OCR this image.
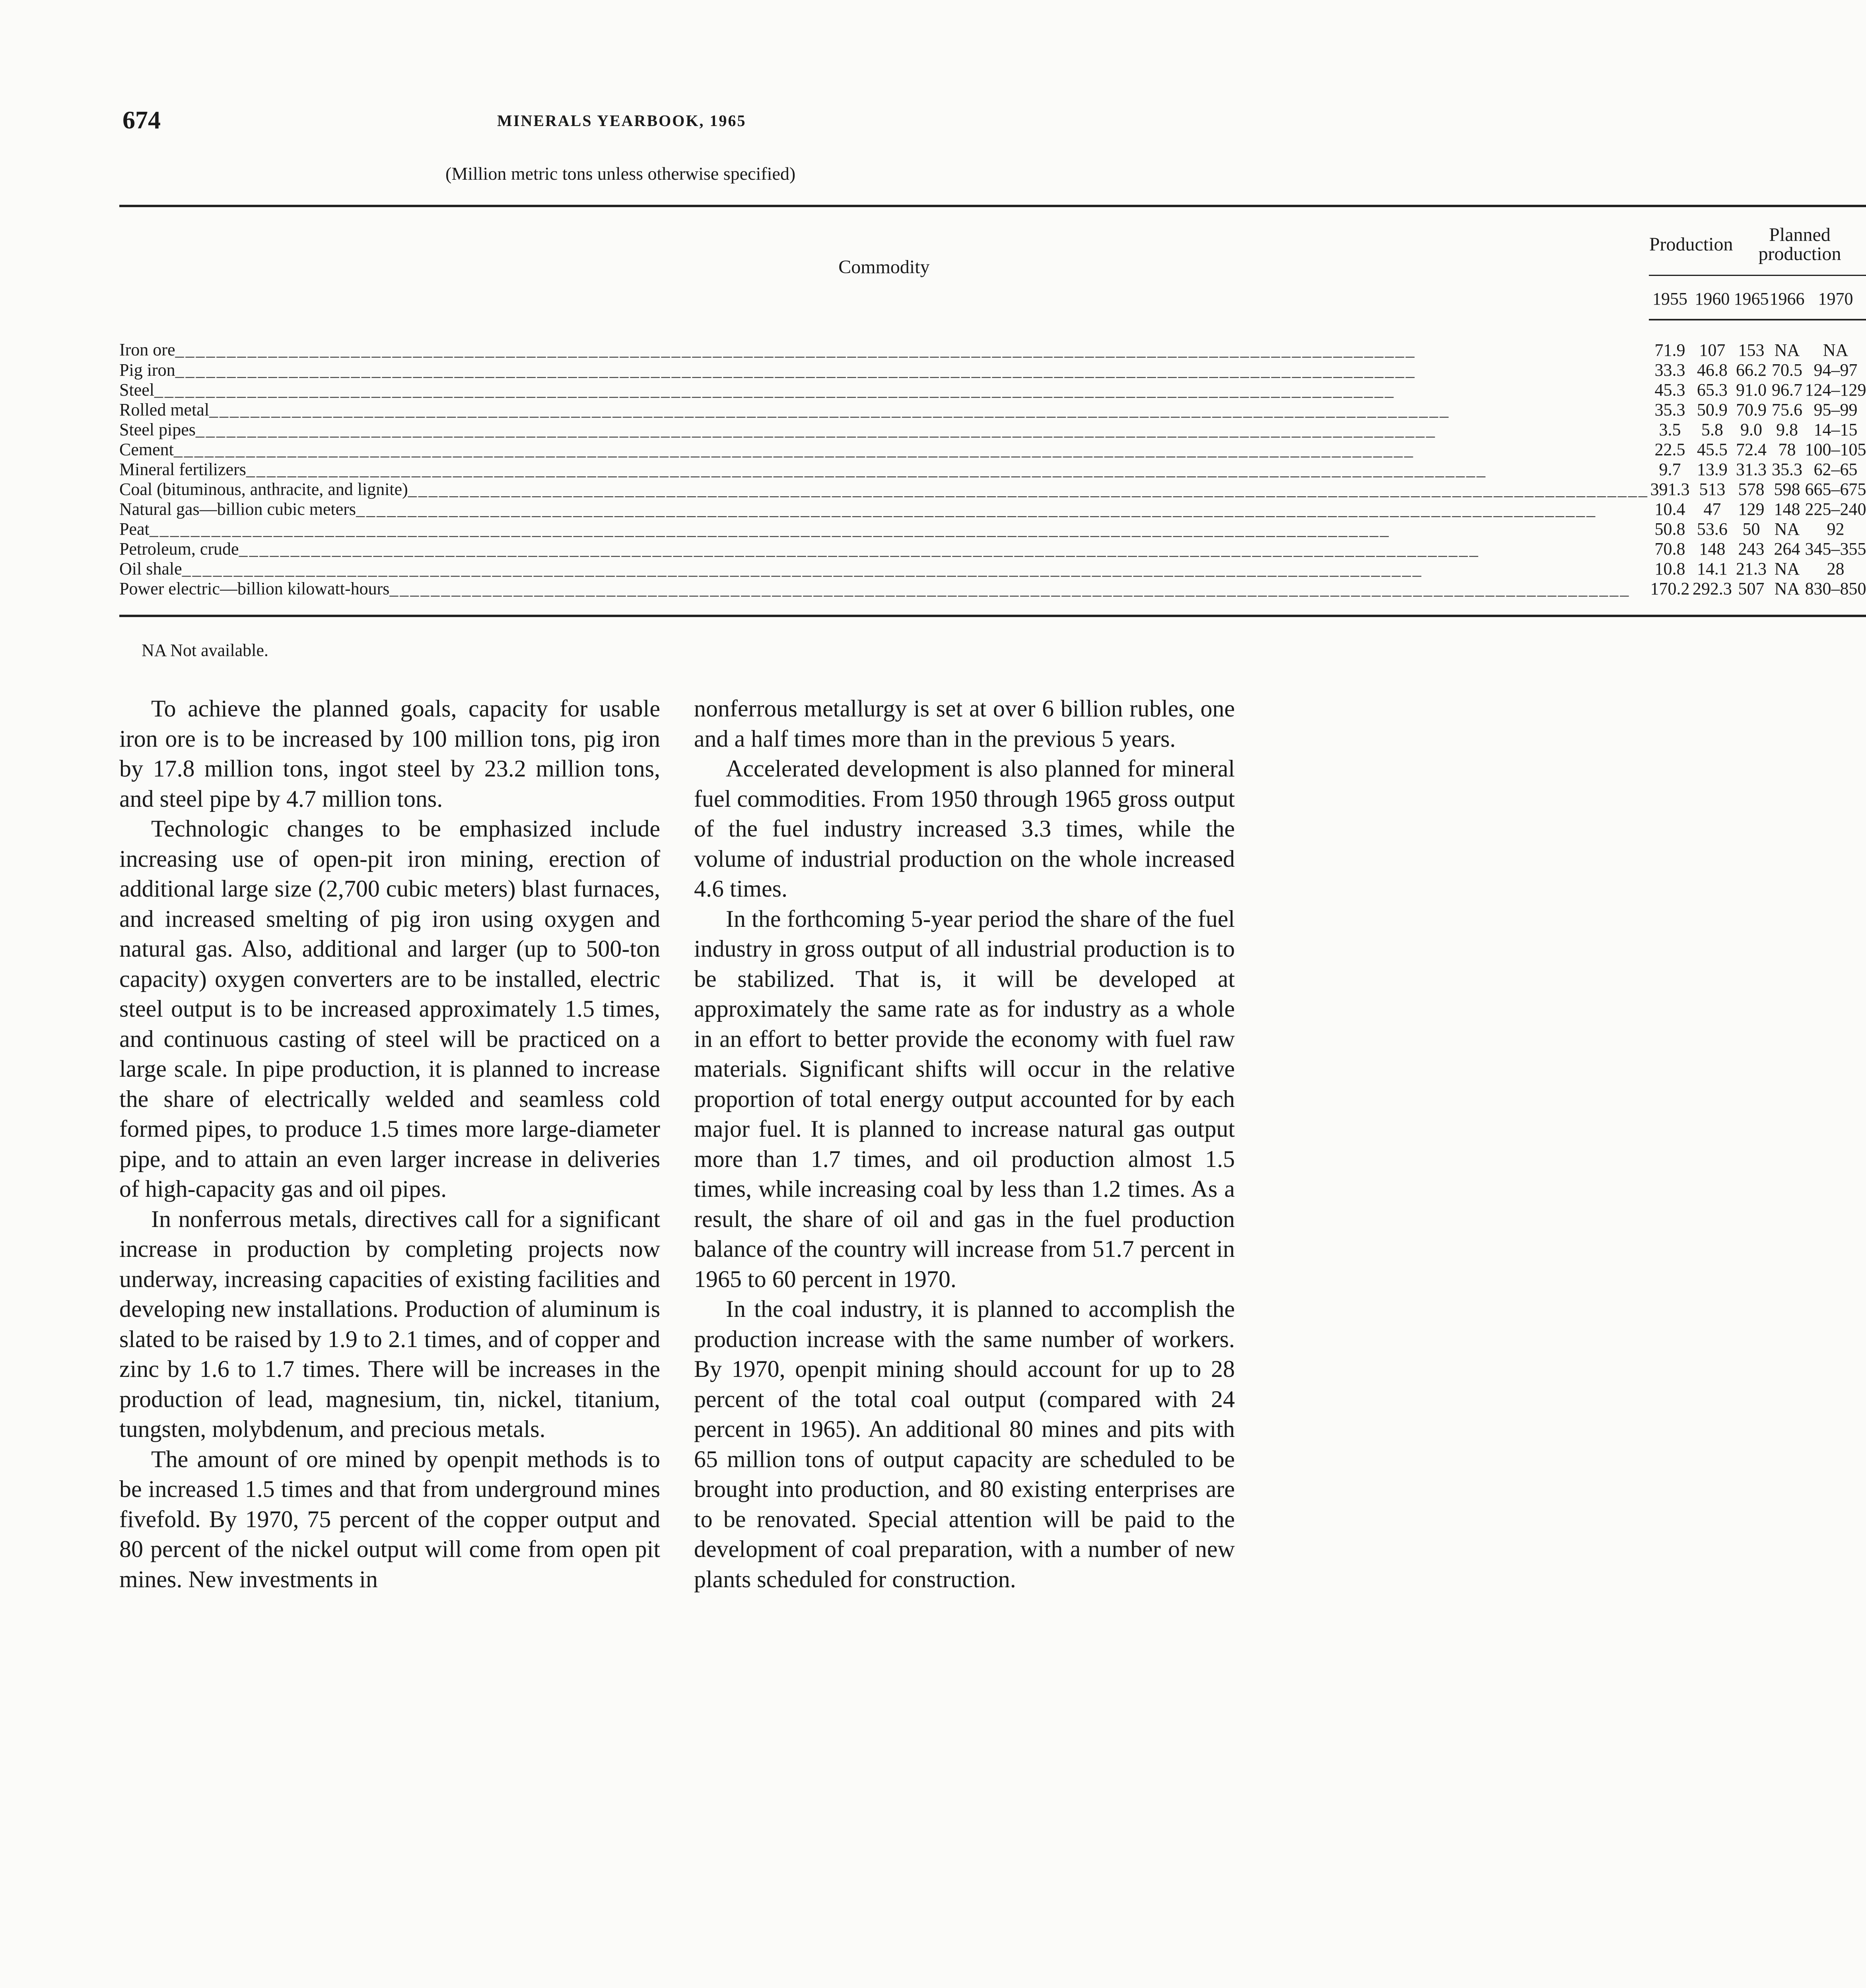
674	MINERALS YEARBOOK, 1965
(Million metric tons unless otherwise specified)
Commodity	Production		Planned production		
	1955	1960	1965	1966	1970
Iron ore________________________________________________________________________________________________________________________	71.9	107	153	NA	NA
Pig iron________________________________________________________________________________________________________________________	33.3	46.8	66.2	70.5	94–97
Steel________________________________________________________________________________________________________________________	45.3	65.3	91.0	96.7	124–129
Rolled metal________________________________________________________________________________________________________________________	35.3	50.9	70.9	75.6	95–99
Steel pipes________________________________________________________________________________________________________________________	3.5	5.8	9.0	9.8	14–15
Cement________________________________________________________________________________________________________________________	22.5	45.5	72.4	78	100–105
Mineral fertilizers________________________________________________________________________________________________________________________	9.7	13.9	31.3	35.3	62–65
Coal (bituminous, anthracite, and lignite)________________________________________________________________________________________________________________________	391.3	513	578	598	665–675
Natural gas—billion cubic meters________________________________________________________________________________________________________________________	10.4	47	129	148	225–240
Peat________________________________________________________________________________________________________________________	50.8	53.6	50	NA	92
Petroleum, crude________________________________________________________________________________________________________________________	70.8	148	243	264	345–355
Oil shale________________________________________________________________________________________________________________________	10.8	14.1	21.3	NA	28
Power electric—billion kilowatt-hours________________________________________________________________________________________________________________________	170.2	292.3	507	NA	830–850
NA Not available.

To achieve the planned goals, capacity for usable iron ore is to be increased by 100 million tons, pig iron by 17.8 million tons, ingot steel by 23.2 million tons, and steel pipe by 4.7 million tons.

Technologic changes to be emphasized include increasing use of open-pit iron mining, erection of additional large size (2,700 cubic meters) blast furnaces, and increased smelting of pig iron using oxygen and natural gas. Also, additional and larger (up to 500-ton capacity) oxygen converters are to be installed, electric steel output is to be increased approximately 1.5 times, and continuous casting of steel will be practiced on a large scale. In pipe production, it is planned to increase the share of electrically welded and seamless cold formed pipes, to produce 1.5 times more large-diameter pipe, and to attain an even larger increase in deliveries of high-capacity gas and oil pipes.

In nonferrous metals, directives call for a significant increase in production by completing projects now underway, increasing capacities of existing facilities and developing new installations. Production of aluminum is slated to be raised by 1.9 to 2.1 times, and of copper and zinc by 1.6 to 1.7 times. There will be increases in the production of lead, magnesium, tin, nickel, titanium, tungsten, molybdenum, and precious metals.

The amount of ore mined by openpit methods is to be increased 1.5 times and that from underground mines fivefold. By 1970, 75 percent of the copper output and 80 percent of the nickel output will come from open pit mines. New investments in

nonferrous metallurgy is set at over 6 billion rubles, one and a half times more than in the previous 5 years.

Accelerated development is also planned for mineral fuel commodities. From 1950 through 1965 gross output of the fuel industry increased 3.3 times, while the volume of industrial production on the whole increased 4.6 times.

In the forthcoming 5-year period the share of the fuel industry in gross output of all industrial production is to be stabilized. That is, it will be developed at approximately the same rate as for industry as a whole in an effort to better provide the economy with fuel raw materials. Significant shifts will occur in the relative proportion of total energy output accounted for by each major fuel. It is planned to increase natural gas output more than 1.7 times, and oil production almost 1.5 times, while increasing coal by less than 1.2 times. As a result, the share of oil and gas in the fuel production balance of the country will increase from 51.7 percent in 1965 to 60 percent in 1970.

In the coal industry, it is planned to accomplish the production increase with the same number of workers. By 1970, openpit mining should account for up to 28 percent of the total coal output (compared with 24 percent in 1965). An additional 80 mines and pits with 65 million tons of output capacity are scheduled to be brought into production, and 80 existing enterprises are to be renovated. Special attention will be paid to the development of coal preparation, with a number of new plants scheduled for construction.
